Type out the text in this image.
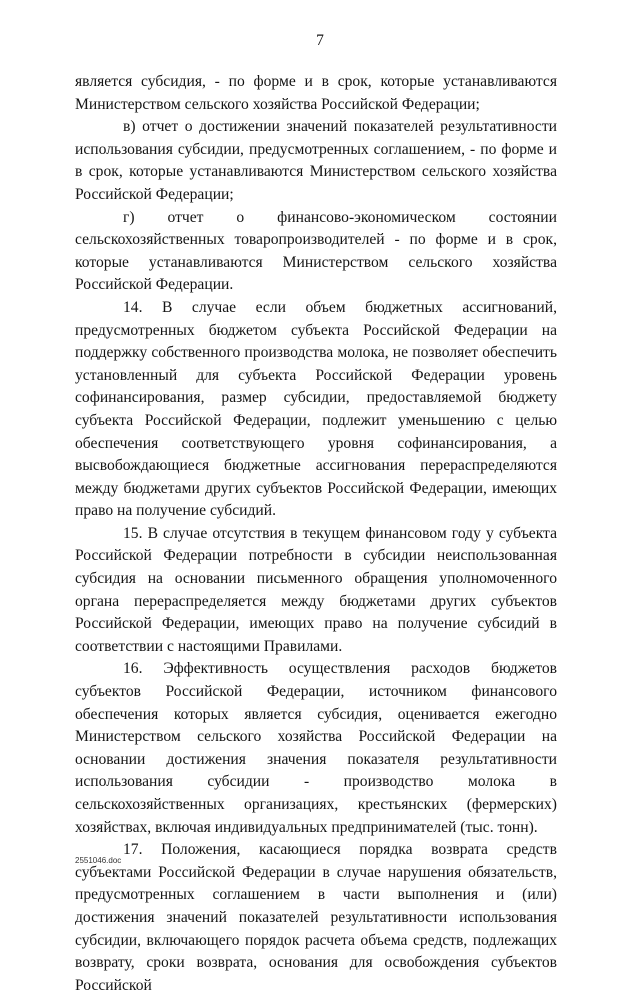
7

является субсидия, - по форме и в срок, которые устанавливаются Министерством сельского хозяйства Российской Федерации;

в) отчет о достижении значений показателей результативности использования субсидии, предусмотренных соглашением, - по форме и в срок, которые устанавливаются Министерством сельского хозяйства Российской Федерации;

г) отчет о финансово-экономическом состоянии сельскохозяйственных товаропроизводителей - по форме и в срок, которые устанавливаются Министерством сельского хозяйства Российской Федерации.

14. В случае если объем бюджетных ассигнований, предусмотренных бюджетом субъекта Российской Федерации на поддержку собственного производства молока, не позволяет обеспечить установленный для субъекта Российской Федерации уровень софинансирования, размер субсидии, предоставляемой бюджету субъекта Российской Федерации, подлежит уменьшению с целью обеспечения соответствующего уровня софинансирования, а высвобождающиеся бюджетные ассигнования перераспределяются между бюджетами других субъектов Российской Федерации, имеющих право на получение субсидий.

15. В случае отсутствия в текущем финансовом году у субъекта Российской Федерации потребности в субсидии неиспользованная субсидия на основании письменного обращения уполномоченного органа перераспределяется между бюджетами других субъектов Российской Федерации, имеющих право на получение субсидий в соответствии с настоящими Правилами.

16. Эффективность осуществления расходов бюджетов субъектов Российской Федерации, источником финансового обеспечения которых является субсидия, оценивается ежегодно Министерством сельского хозяйства Российской Федерации на основании достижения значения показателя результативности использования субсидии - производство молока в сельскохозяйственных организациях, крестьянских (фермерских) хозяйствах, включая индивидуальных предпринимателей (тыс. тонн).

17. Положения, касающиеся порядка возврата средств субъектами Российской Федерации в случае нарушения обязательств, предусмотренных соглашением в части выполнения и (или) достижения значений показателей результативности использования субсидии, включающего порядок расчета объема средств, подлежащих возврату, сроки возврата, основания для освобождения субъектов Российской

2551046.doc
